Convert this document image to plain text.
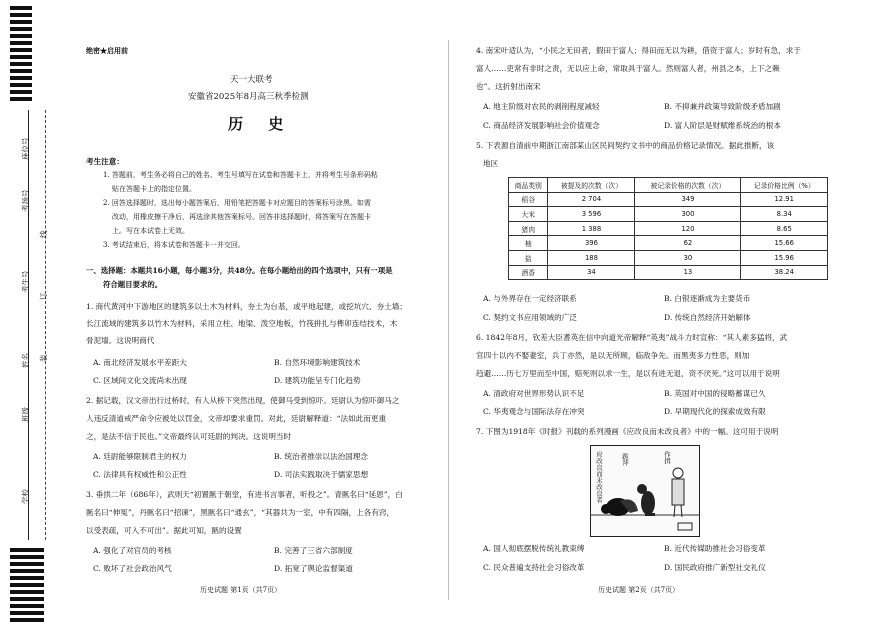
座位号
考场号
考生号
姓名
班级
学校
线
订
装
绝密★启用前
天一大联考
安徽省2025年8月高三秋季检测
历 史
考生注意：
1. 答题前，考生务必将自己的姓名、考生号填写在试卷和答题卡上，并将考生号条形码粘
贴在答题卡上的指定位置。
2. 回答选择题时，选出每小题答案后，用铅笔把答题卡对应题目的答案标号涂黑。如需
改动，用橡皮擦干净后，再选涂其他答案标号。回答非选择题时，将答案写在答题卡
上。写在本试卷上无效。
3. 考试结束后，将本试卷和答题卡一并交回。
一、选择题：本题共16小题，每小题3分，共48分。在每小题给出的四个选项中，只有一项是
符合题目要求的。
1. 商代黄河中下游地区的建筑多以土木为材料，夯土为台基，或平地起建，或挖坑穴、夯土墙；
长江流域的建筑多以竹木为材料，采用立柱、地梁、泼空地板，竹筏拼扎与榫卯连结技术，木
骨泥墙。这说明商代
A. 南北经济发展水平差距大	B. 自然环境影响建筑技术
C. 区域间文化交流尚未出现	D. 建筑功能呈专门化趋势
2. 据记载，汉文帝出行过桥时，有人从桥下突然出现，使御马受到惊吓。廷尉认为惊吓御马之
人违反清道戒严命令应被处以罚金，文帝却要求重罚。对此，廷尉解释道：“法如此而更重
之，是法不信于民也。”文帝最终认可廷尉的判决。这说明当时
A. 廷尉能够限制君主的权力	B. 统治者推崇以法治国理念
C. 法律具有权威性和公正性	D. 司法实践取决于儒家思想
3. 垂拱二年（686年），武则天“初置匦于朝堂，有进书言事者，听投之”。青匦名曰“延恩”，白
匦名曰“伸冤”，丹匦名曰“招谏”，黑匦名曰“通玄”，“其器共为一室，中有四隔，上各有窍，
以受表疏，可入不可出”。据此可知，匦的设置
A. 强化了对官员的考核	B. 完善了三省六部制度
C. 败坏了社会政治风气	D. 拓宽了舆论监督渠道
历史试题 第1页（共7页）
4. 南宋叶适认为，“小民之无田者，假田于富人；得田而无以为耕，借资于富人；岁时有急，求于
富人……吏常有非时之责，无以应上命，常取具于富人。然则富人者，州县之本，上下之赖
也”。这折射出南宋
A. 地主阶级对农民的剥削程度减轻	B. 不抑兼并政策导致阶级矛盾加剧
C. 商品经济发展影响社会价值观念	D. 富人阶层是财赋维系统治的根本
5. 下表源自清前中期浙江南部某山区民间契约文书中的商品价格记录情况。据此推断，该
地区
商品类别	被提及的次数（次）	被记录价格的次数（次）	记录价格比例（%）
稻谷	2 704	349	12.91
大米	3 596	300	8.34
猪肉	1 388	120	8.65
柚	396	62	15.66
盐	188	30	15.96
酒香	34	13	38.24
A. 与外界存在一定经济联系	B. 白银逐渐成为主要货币
C. 契约文书应用领域的广泛	D. 传统自然经济开始解体
6. 1842年8月，钦差大臣耆英在信中向道光帝解释“英夷”战斗力时宣称：“其人素多猛将，武
官四十以内不娶妻室，兵丁亦然，是以无所顾，临敌争先。而黑夷多力性恶，则加
趋避……历七万里而至中国，赔死则以求一生，是以有进无退，资不厌死。”这可以用于说明
A. 清政府对世界形势认识不足	B. 英国对中国的侵略蓄谋已久
C. 华夷观念与国际法存在冲突	D. 早期现代化的探索成效有限
7. 下图为1918年《时报》刊载的系列漫画《应改良而未改良者》中的一幅。这可用于说明
应改良而未改良者	跪拜	作揖
A. 国人彻底摆脱传统礼教束缚	B. 近代传媒助推社会习俗变革
C. 民众普遍支持社会习俗改革	D. 国民政府推广新型社交礼仪
历史试题 第2页（共7页）
